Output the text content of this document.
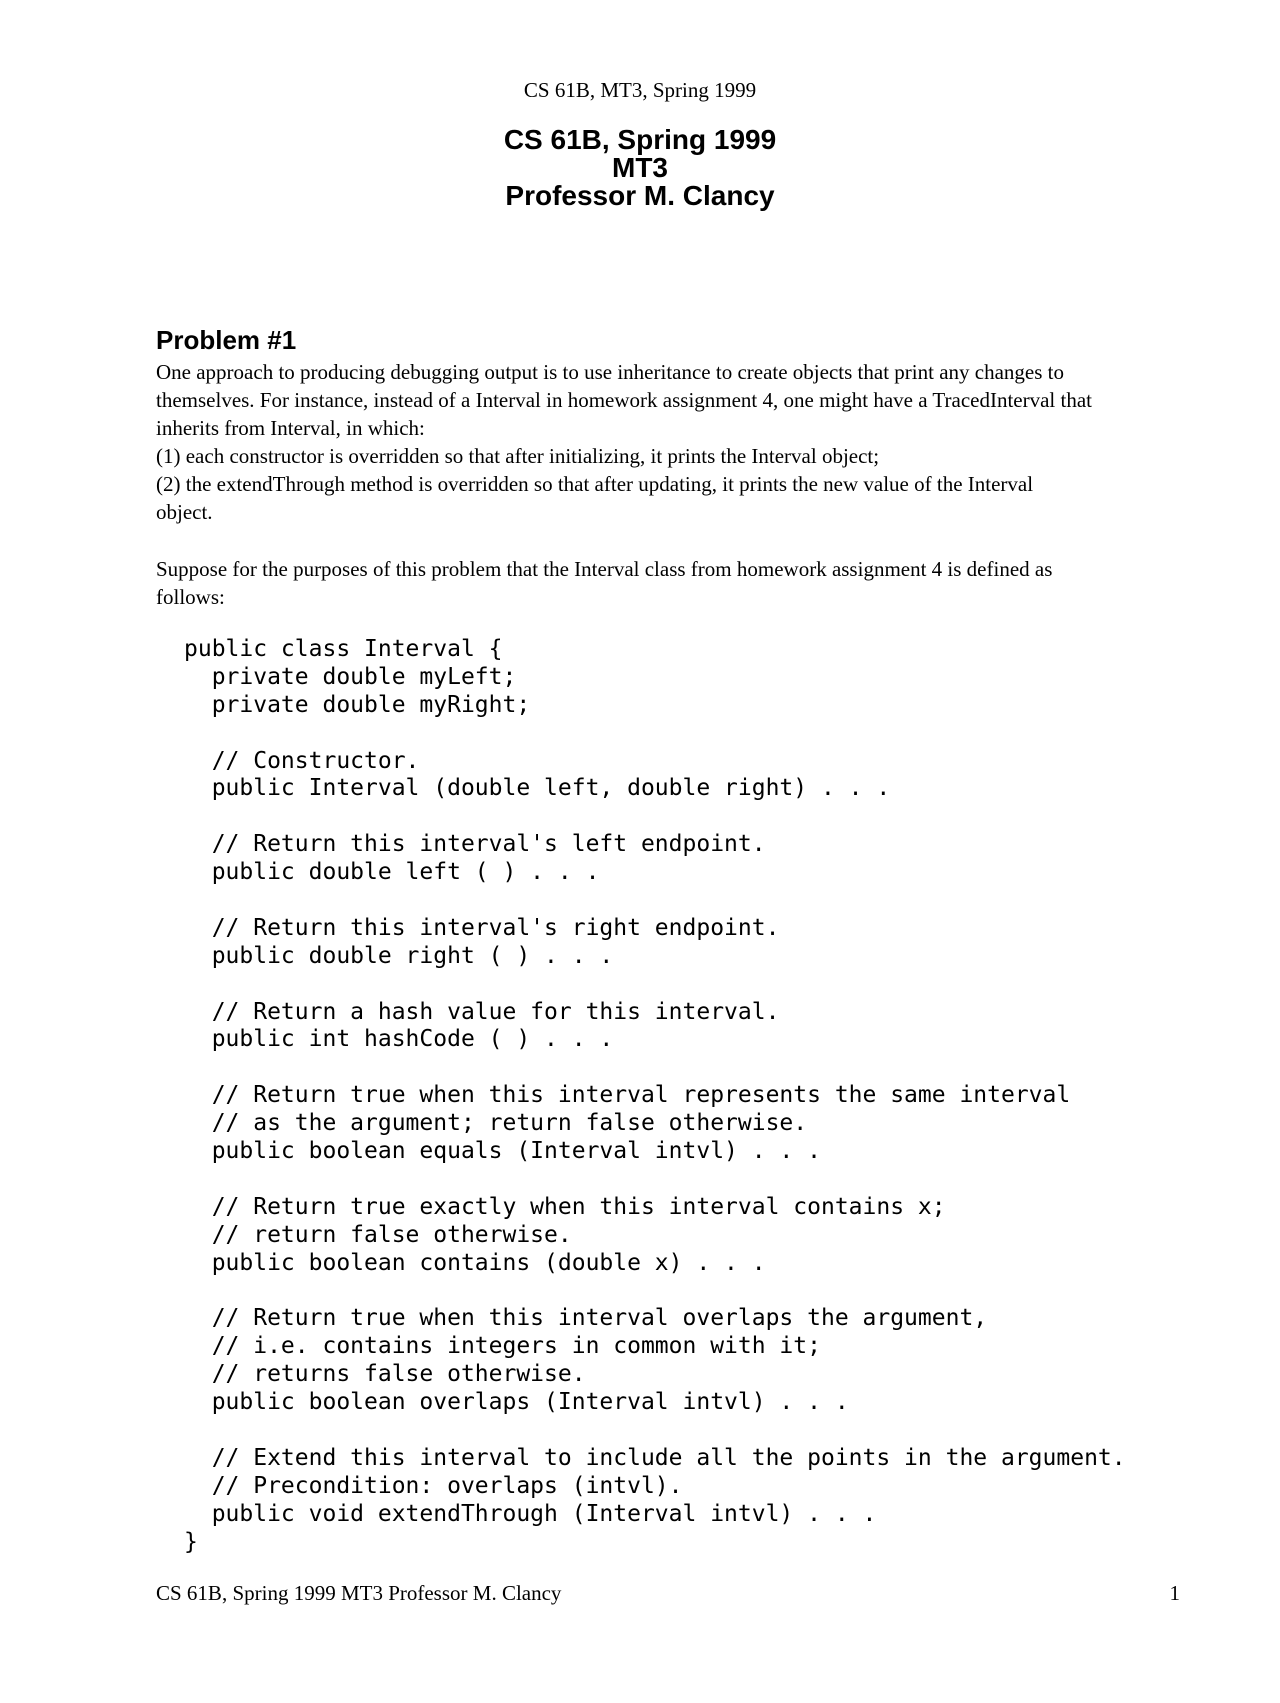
CS 61B, MT3, Spring 1999
CS 61B, Spring 1999
MT3
Professor M. Clancy
Problem #1
One approach to producing debugging output is to use inheritance to create objects that print any changes to
themselves. For instance, instead of a Interval in homework assignment 4, one might have a TracedInterval that
inherits from Interval, in which:
(1) each constructor is overridden so that after initializing, it prints the Interval object;
(2) the extendThrough method is overridden so that after updating, it prints the new value of the Interval
object.
Suppose for the purposes of this problem that the Interval class from homework assignment 4 is defined as
follows:
public class Interval {
private double myLeft;
private double myRight;
// Constructor.
public Interval (double left, double right) . . .
// Return this interval's left endpoint.
public double left ( ) . . .
// Return this interval's right endpoint.
public double right ( ) . . .
// Return a hash value for this interval.
public int hashCode ( ) . . .
// Return true when this interval represents the same interval
// as the argument; return false otherwise.
public boolean equals (Interval intvl) . . .
// Return true exactly when this interval contains x;
// return false otherwise.
public boolean contains (double x) . . .
// Return true when this interval overlaps the argument,
// i.e. contains integers in common with it;
// returns false otherwise.
public boolean overlaps (Interval intvl) . . .
// Extend this interval to include all the points in the argument.
// Precondition: overlaps (intvl).
public void extendThrough (Interval intvl) . . .
}
CS 61B, Spring 1999 MT3 Professor M. Clancy	1
